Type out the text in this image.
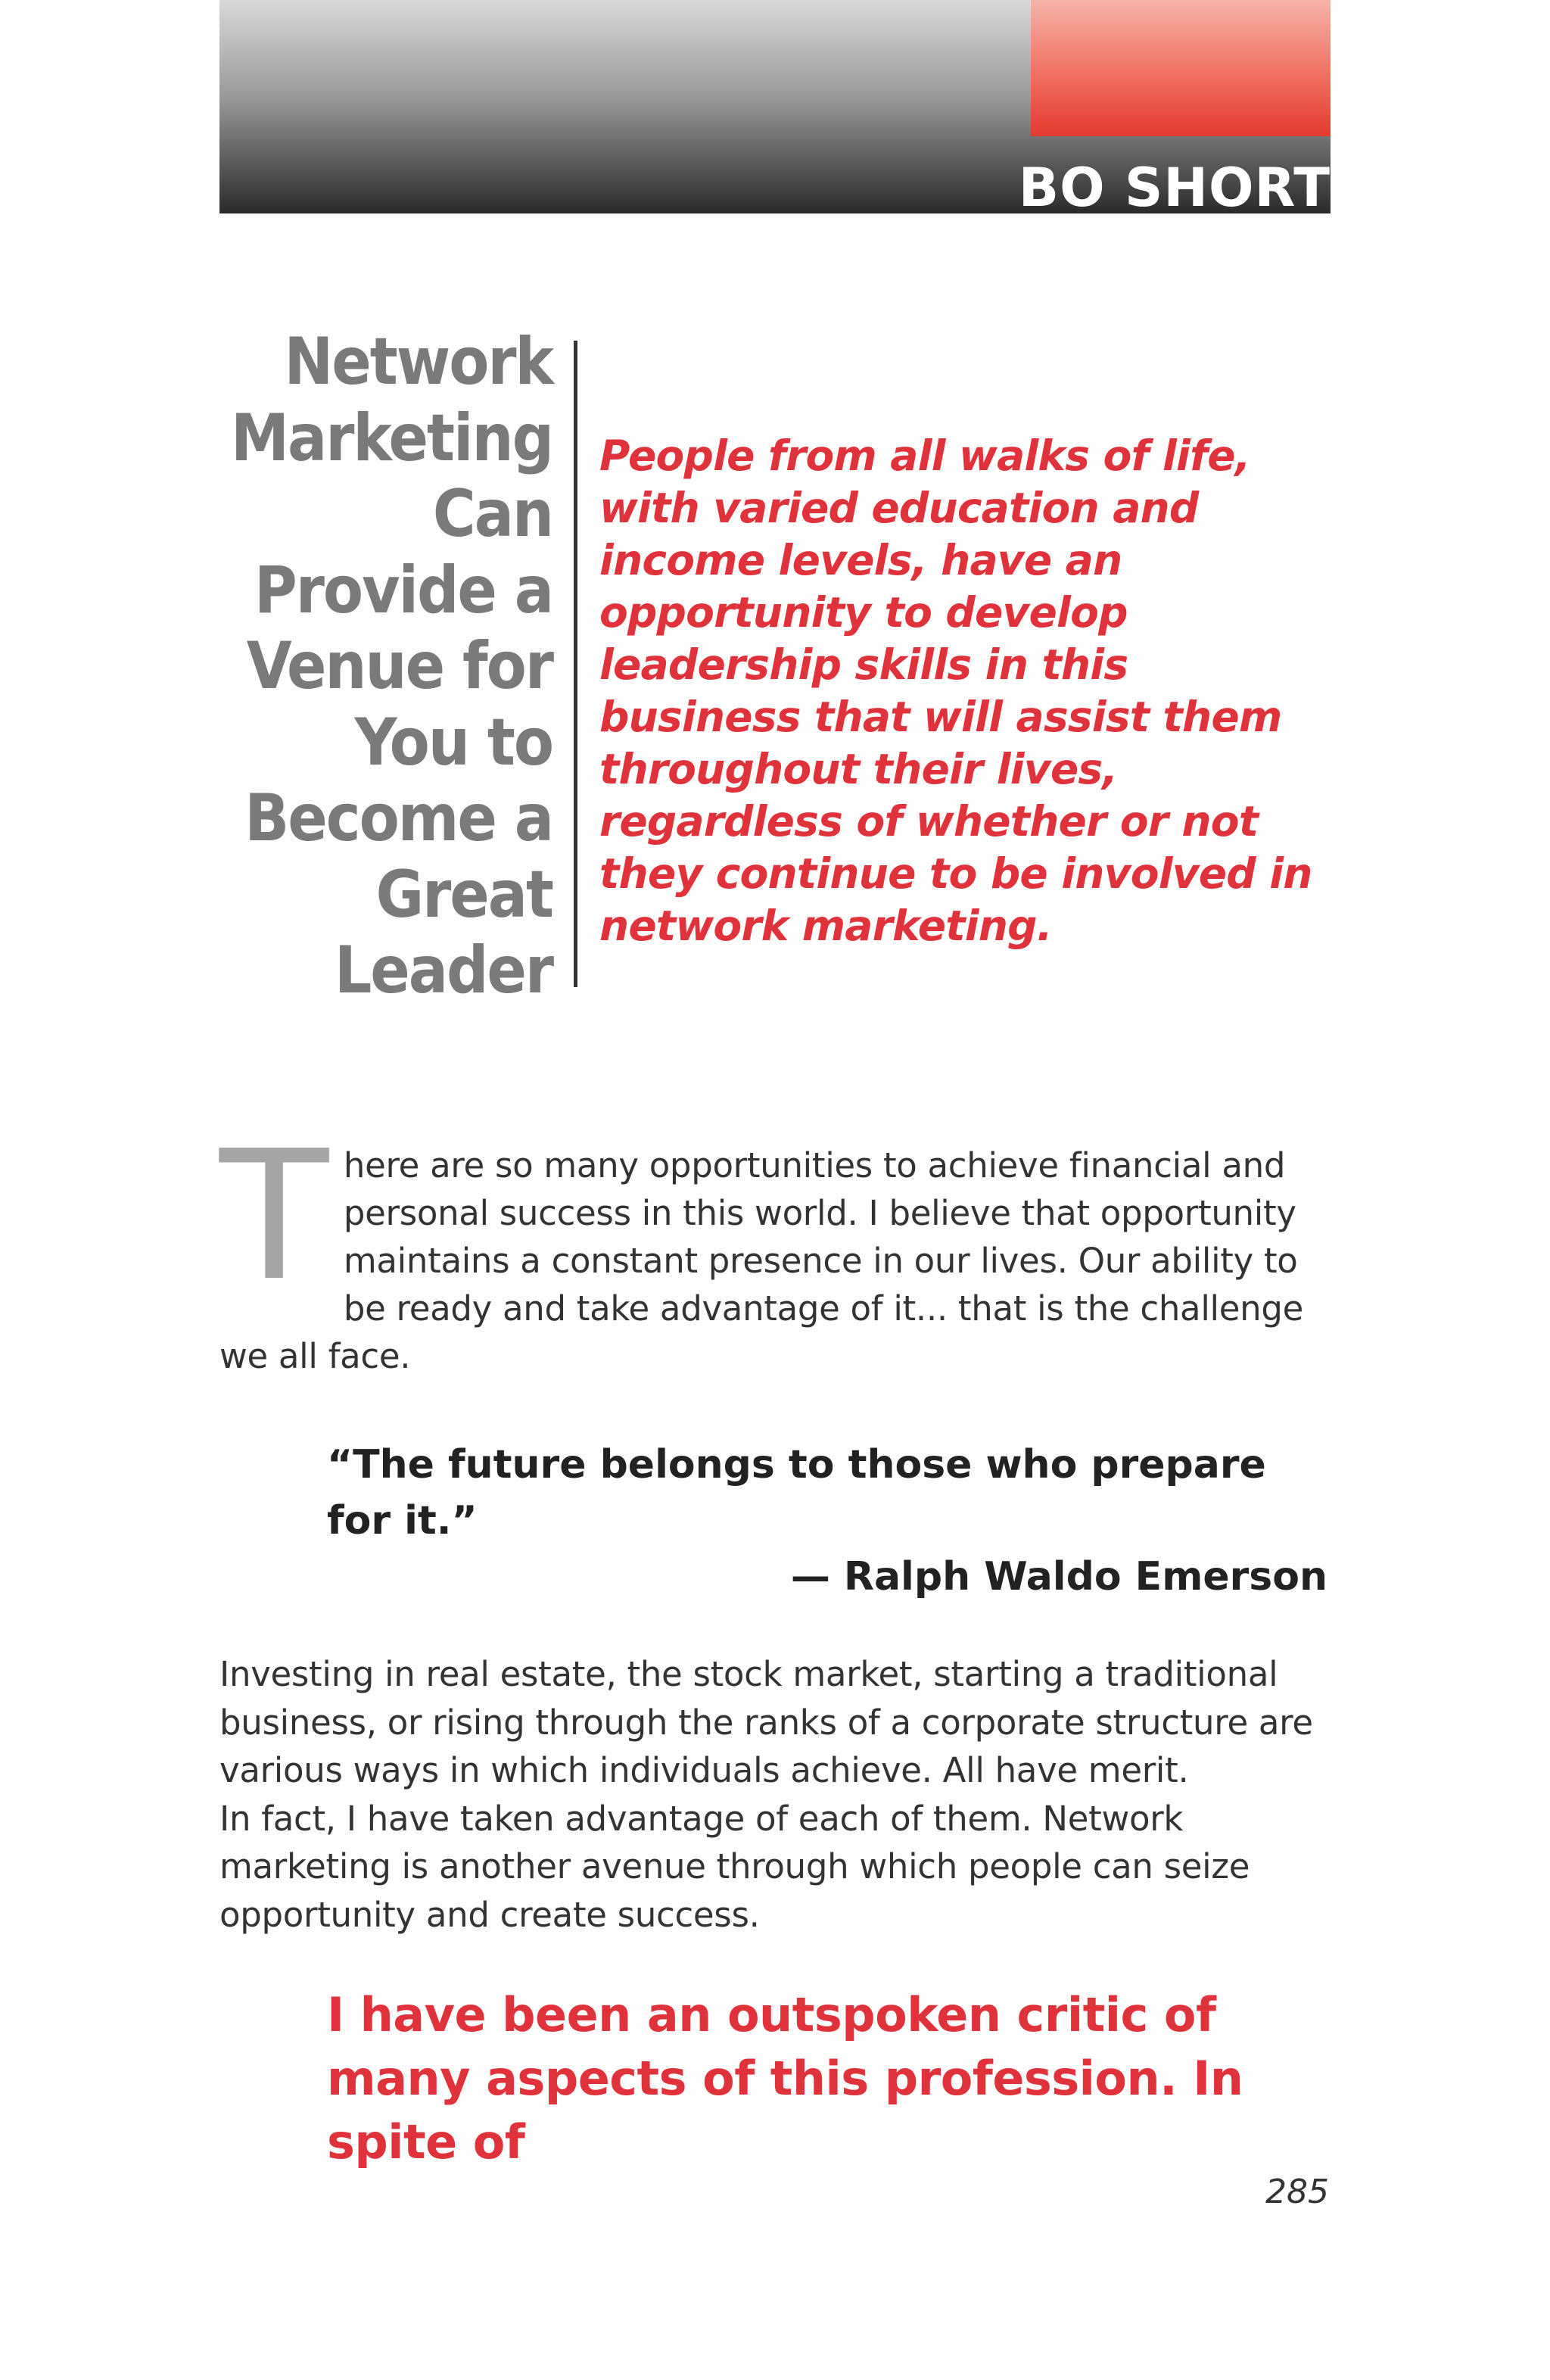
BO SHORT
Network Marketing Can Provide a Venue for You to Become a Great Leader
People from all walks of life, with varied education and income levels, have an opportunity to develop leadership skills in this business that will assist them throughout their lives, regardless of whether or not they continue to be involved in network marketing.
T here are so many opportunities to achieve financial and personal success in this world. I believe that opportunity maintains a constant presence in our lives. Our ability to be ready and take advantage of it... that is the challenge we all face.
“The future belongs to those who prepare for it.”
— Ralph Waldo Emerson

Investing in real estate, the stock market, starting a traditional business, or rising through the ranks of a corporate structure are various ways in which individuals achieve. All have merit.

In fact, I have taken advantage of each of them. Network marketing is another avenue through which people can seize opportunity and create success.

I have been an outspoken critic of many aspects of this profession. In spite of
285
